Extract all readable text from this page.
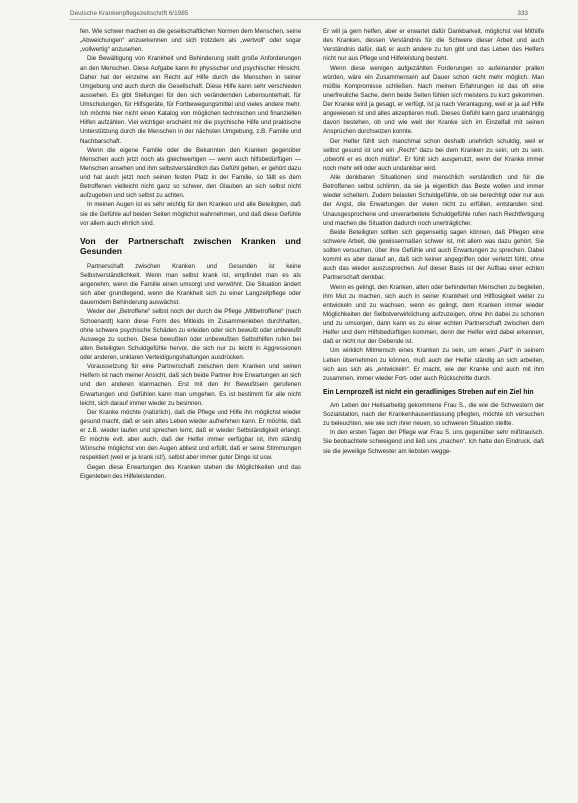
Deutsche Krankenpflegezeitschrift 6/1985	333

fen. Wie schwer machen es die gesellschaftlichen Normen dem Menschen, seine „Abweichungen“ anzuerkennen und sich trotzdem als „wertvoll“ oder sogar „vollwertig“ anzusehen.

Die Bewältigung von Krankheit und Behinderung stellt große Anforderungen an den Menschen. Diese Aufgabe kann ihr physischer und psychischer Hinsicht. Daher hat der einzelne ein Recht auf Hilfe durch die Menschen in seiner Umgebung und auch durch die Gesellschaft. Diese Hilfe kann sehr verschieden aussehen. Es gibt Stellungen für den sich verändernden Lebensunterhalt, für Umschulungen, für Hilfsgeräte, für Fortbewegungsmittel und vieles andere mehr. Ich möchte hier nicht einen Katalog von möglichen technischen und finanziellen Hilfen aufzählen. Viel wichtiger erscheint mir die psychische Hilfe und praktische Unterstützung durch die Menschen in der nächsten Umgebung, z.B. Familie und Nachbarschaft.

Wenn die eigene Familie oder die Bekannten den Kranken gegenüber Menschen auch jetzt noch als gleichwertigen — wenn auch hilfsbedürftigen — Menschen ansehen und ihm selbstverständlich das Gefühl geben, er gehört dazu und hat auch jetzt noch seinen festen Platz in der Familie, so fällt es dem Betroffenen vielleicht nicht ganz so schwer, den Glauben an sich selbst nicht aufzugeben und sich selbst zu achten.

In meinen Augen ist es sehr wichtig für den Kranken und alle Beteiligten, daß sie die Gefühle auf beiden Seiten möglichst wahrnehmen, und daß diese Gefühle vor allem auch ehrlich sind.

Von der Partnerschaft zwischen Kranken und Gesunden

Partnerschaft zwischen Kranken und Gesunden ist keine Selbstverständlichkeit. Wenn man selbst krank ist, empfindet man es als angenehm, wenn die Familie einen umsorgt und verwöhnt. Die Situation ändert sich aber grundlegend, wenn die Krankheit sich zu einer Langzeitpflege oder dauerndem Behinderung auswächst.

Weder der „Betroffene“ selbst noch der durch die Pflege „Mitbetroffene“ (nach Schoenardt) kann diese Form des Mitleids im Zusammenleben durchhalten, ohne schwere psychische Schäden zu erleiden oder sich bewußt oder unbewußt Auswege zu suchen. Diese bewußten oder unbewußten Selbsthilfen rufen bei allen Beteiligten Schuldgefühle hervor, die sich nur zu leicht in Aggressionen oder anderen, unklaren Verteidigungshaltungen ausdrücken.

Voraussetzung für eine Partnerschaft zwischen dem Kranken und seinen Helfern ist nach meiner Ansicht, daß sich beide Partner ihre Erwartungen an sich und den anderen klarmachen. Erst mit den ihr Bewußtsein gerufenen Erwartungen und Gefühlen kann man umgehen. Es ist bestimmt für alle nicht leicht, sich darauf immer wieder zu besinnen.

Der Kranke möchte (natürlich), daß die Pflege und Hilfe ihn möglichst wieder gesund macht, daß er sein altes Leben wieder aufnehmen kann. Er möchte, daß er z.B. wieder laufen und sprechen lernt, daß er wieder Selbständigkeit erlangt. Er möchte evtl. aber auch, daß der Helfer immer verfügbar ist, ihm ständig Wünsche möglichst von den Augen abliest und erfüllt, daß er seine Stimmungen respektiert (weil er ja krank ist!), selbst aber immer guter Dinge ist usw.

Gegen diese Erwartungen des Kranken stehen die Möglichkeiten und das Eigenleben des Hilfeleistenden.

Er will ja gern helfen, aber er erwartet dafür Dankbarkeit, möglichst viel Mithilfe des Kranken, dessen Verständnis für die Schwere dieser Arbeit und auch Verständnis dafür, daß er auch andere zu tun gibt und das Leben des Helfers nicht nur aus Pflege und Hilfeleistung besteht.

Wenn diese wenigen aufgezählten Forderungen so aufeinander prallen würden, wäre ein Zusammensein auf Dauer schon nicht mehr möglich. Man müßte Kompromisse schließen. Nach meinen Erfahrungen ist das oft eine unerfreuliche Sache, denn beide Seiten fühlen sich meistens zu kurz gekommen. Der Kranke wird ja gesagt, er verfügt, ist ja nach Veranlagung, weil er ja auf Hilfe angewiesen ist und alles akzeptieren muß. Dieses Gefühl kann ganz unabhängig davon bestehen, ob und wie weit der Kranke sich im Einzelfall mit seinen Ansprüchen durchsetzen konnte.

Der Helfer fühlt sich manchmal schon deshalb unehrlich schuldig, weil er selbst gesund ist und ein „Recht“ dazu bei dem Kranken zu sein, um zu sein. „obwohl er es doch müßte“. Er fühlt sich ausgenutzt, wenn der Kranke immer noch mehr will oder auch undankbar wird.

Alle denkbaren Situationen sind menschlich verständlich und für die Betroffenen selbst schlimm, da sie ja eigentlich das Beste wollen und immer wieder scheitern. Zudem belasten Schuldgefühle, ob sie berechtigt oder nur aus der Angst, die Erwartungen der vielen nicht zu erfüllen, entstanden sind. Unausgesprochene und unverarbeitete Schuldgefühle rufen nach Rechtfertigung und machen die Situation dadurch noch unerträglicher.

Beide Beteiligten sollten sich gegenseitig sagen können, daß Pflegen eine schwere Arbeit, die gewissermaßen schwer ist, mit allem was dazu gehört. Sie sollten versuchen, über ihre Gefühle und auch Erwartungen zu sprechen. Dabei kommt es aber darauf an, daß sich keiner angegriffen oder verletzt fühlt, ohne auch das wieder auszusprechen. Auf dieser Basis ist der Aufbau einer echten Partnerschaft denkbar.

Wenn es gelingt, den Kranken, alten oder behinderten Menschen zu begleiten, ihm Mut zu machen, sich auch in seiner Krankheit und Hilflosigkeit weiter zu entwickeln und zu wachsen, wenn es gelingt, dem Kranken immer wieder Möglichkeiten der Selbstverwirklichung aufzuzeigen, ohne ihn dabei zu schonen und zu umsorgen, dann kann es zu einer echten Partnerschaft zwischen dem Helfer und dem Hilfsbedürftigen kommen, denn der Helfer wird dabei erkennen, daß er nicht nur der Gebende ist.

Um wirklich Mitmensch eines Kranken zu sein, um einen „Part“ in seinem Leben übernehmen zu können, muß auch der Helfer ständig an sich arbeiten, sich aus sich als „entwickeln“. Er macht, wie der Kranke und auch mit ihm zusammen, immer wieder Fort- oder auch Rückschritte durch.

Ein Lernprozeß ist nicht ein geradliniges Streben auf ein Ziel hin

Am Leben der Heilsarbeitig gekommene Frau S., die wie die Schwestern der Sozialstation, nach der Krankenhausentlassung pflegten, möchte ich versuchen zu beleuchten, wie wie sich ihrer neuen, so schweren Situation stellte.

In den ersten Tagen der Pflege war Frau S. uns gegenüber sehr mißtrauisch. Sie beobachtete schweigend und ließ uns „machen“. Ich hatte den Eindruck, daß sie die jeweilige Schwester am liebsten wegge-
